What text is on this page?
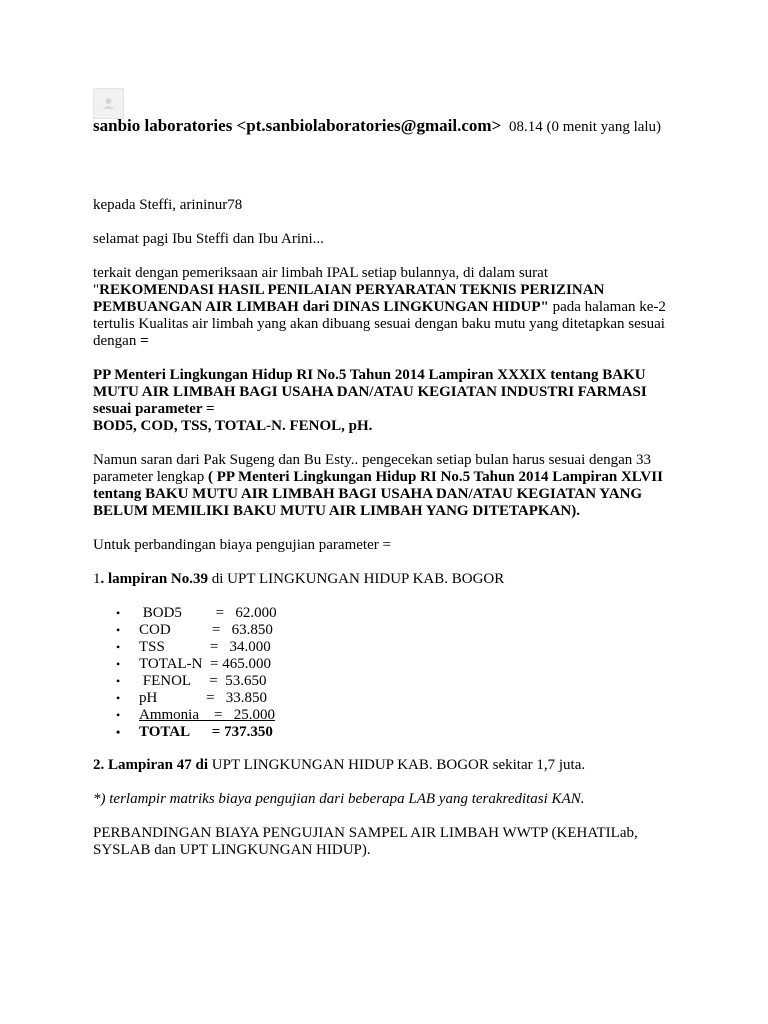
sanbio laboratories <pt.sanbiolaboratories@gmail.com> 08.14 (0 menit yang lalu)

kepada Steffi, arininur78

selamat pagi Ibu Steffi dan Ibu Arini...

terkait dengan pemeriksaan air limbah IPAL setiap bulannya, di dalam surat
"REKOMENDASI HASIL PENILAIAN PERYARATAN TEKNIS PERIZINAN PEMBUANGAN AIR LIMBAH dari DINAS LINGKUNGAN HIDUP" pada halaman ke-2 tertulis Kualitas air limbah yang akan dibuang sesuai dengan baku mutu yang ditetapkan sesuai dengan =

PP Menteri Lingkungan Hidup RI No.5 Tahun 2014 Lampiran XXXIX tentang BAKU MUTU AIR LIMBAH BAGI USAHA DAN/ATAU KEGIATAN INDUSTRI FARMASI sesuai parameter =
BOD5, COD, TSS, TOTAL-N. FENOL, pH.

Namun saran dari Pak Sugeng dan Bu Esty.. pengecekan setiap bulan harus sesuai dengan 33 parameter lengkap ( PP Menteri Lingkungan Hidup RI No.5 Tahun 2014 Lampiran XLVII tentang BAKU MUTU AIR LIMBAH BAGI USAHA DAN/ATAU KEGIATAN YANG BELUM MEMILIKI BAKU MUTU AIR LIMBAH YANG DITETAPKAN).

Untuk perbandingan biaya pengujian parameter =

1. lampiran No.39 di UPT LINGKUNGAN HIDUP KAB. BOGOR

•  BOD5         =   62.000
• COD           =   63.850
• TSS            =   34.000
• TOTAL-N  = 465.000
•  FENOL     =  53.650
• pH             =   33.850
• Ammonia    =   25.000
• TOTAL      = 737.350

2. Lampiran 47 di UPT LINGKUNGAN HIDUP KAB. BOGOR sekitar 1,7 juta.

*) terlampir matriks biaya pengujian dari beberapa LAB yang terakreditasi KAN.

PERBANDINGAN BIAYA PENGUJIAN SAMPEL AIR LIMBAH WWTP (KEHATILab, SYSLAB dan UPT LINGKUNGAN HIDUP).
